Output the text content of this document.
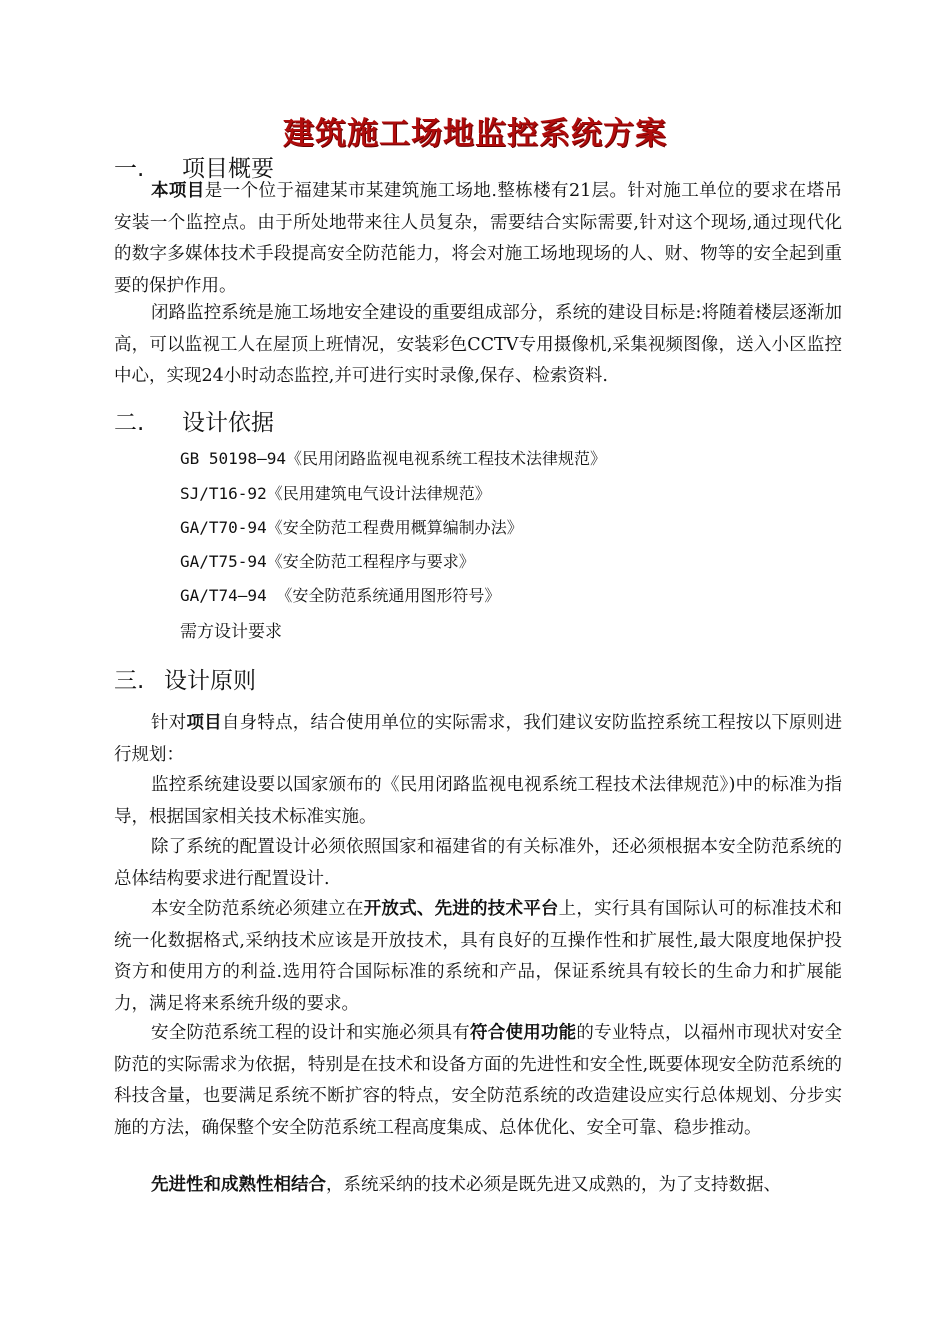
建筑施工场地监控系统方案
一. 项目概要

本项目是一个位于福建某市某建筑施工场地.整栋楼有21层。针对施工单位的要求在塔吊安装一个监控点。由于所处地带来往人员复杂，需要结合实际需要,针对这个现场,通过现代化的数字多媒体技术手段提高安全防范能力，将会对施工场地现场的人、财、物等的安全起到重要的保护作用。

闭路监控系统是施工场地安全建设的重要组成部分，系统的建设目标是:将随着楼层逐渐加高，可以监视工人在屋顶上班情况，安装彩色CCTV专用摄像机,采集视频图像，送入小区监控中心，实现24小时动态监控,并可进行实时录像,保存、检索资料.

二. 设计依据
GB 50198—94《民用闭路监视电视系统工程技术法律规范》
SJ/T16-92《民用建筑电气设计法律规范》
GA/T70-94《安全防范工程费用概算编制办法》
GA/T75-94《安全防范工程程序与要求》
GA/T74—94 《安全防范系统通用图形符号》
需方设计要求
三. 设计原则

针对项目自身特点，结合使用单位的实际需求，我们建议安防监控系统工程按以下原则进行规划：

监控系统建设要以国家颁布的《民用闭路监视电视系统工程技术法律规范》)中的标准为指导，根据国家相关技术标准实施。

除了系统的配置设计必须依照国家和福建省的有关标准外，还必须根据本安全防范系统的总体结构要求进行配置设计.

本安全防范系统必须建立在开放式、先进的技术平台上，实行具有国际认可的标准技术和统一化数据格式,采纳技术应该是开放技术，具有良好的互操作性和扩展性,最大限度地保护投资方和使用方的利益.选用符合国际标准的系统和产品，保证系统具有较长的生命力和扩展能力，满足将来系统升级的要求。

安全防范系统工程的设计和实施必须具有符合使用功能的专业特点，以福州市现状对安全防范的实际需求为依据，特别是在技术和设备方面的先进性和安全性,既要体现安全防范系统的科技含量，也要满足系统不断扩容的特点，安全防范系统的改造建设应实行总体规划、分步实施的方法，确保整个安全防范系统工程高度集成、总体优化、安全可靠、稳步推动。

先进性和成熟性相结合，系统采纳的技术必须是既先进又成熟的，为了支持数据、
